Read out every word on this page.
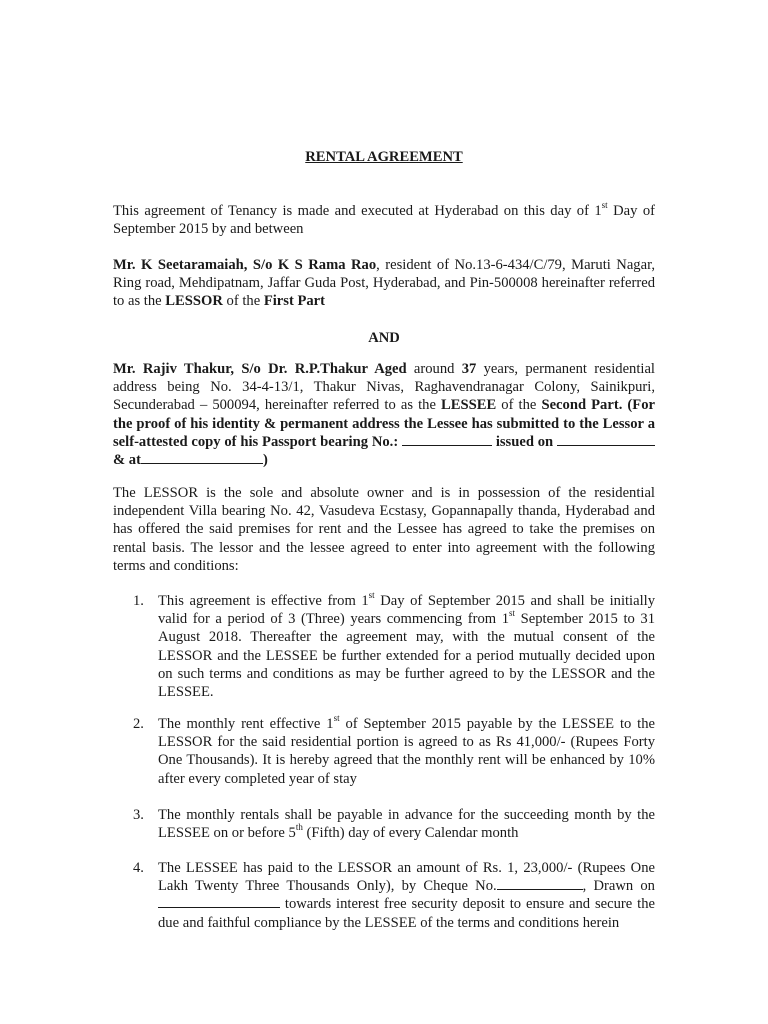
RENTAL AGREEMENT

This agreement of Tenancy is made and executed at Hyderabad on this day of 1st Day of September 2015 by and between

Mr. K Seetaramaiah, S/o K S Rama Rao, resident of No.13-6-434/C/79, Maruti Nagar, Ring road, Mehdipatnam, Jaffar Guda Post, Hyderabad, and Pin-500008 hereinafter referred to as the LESSOR of the First Part

AND

Mr. Rajiv Thakur, S/o Dr. R.P.Thakur Aged around 37 years, permanent residential address being No. 34-4-13/1, Thakur Nivas, Raghavendranagar Colony, Sainikpuri, Secunderabad – 500094, hereinafter referred to as the LESSEE of the Second Part. (For the proof of his identity & permanent address the Lessee has submitted to the Lessor a self-attested copy of his Passport bearing No.:	issued on  & at	)

The LESSOR is the sole and absolute owner and is in possession of the residential independent Villa bearing No. 42, Vasudeva Ecstasy, Gopannapally thanda, Hyderabad and has offered the said premises for rent and the Lessee has agreed to take the premises on rental basis. The lessor and the lessee agreed to enter into agreement with the following terms and conditions:

1. This agreement is effective from 1st Day of September 2015 and shall be initially valid for a period of 3 (Three) years commencing from 1st September 2015 to 31 August 2018. Thereafter the agreement may, with the mutual consent of the LESSOR and the LESSEE be further extended for a period mutually decided upon on such terms and conditions as may be further agreed to by the LESSOR and the LESSEE.
2. The monthly rent effective 1st of September 2015 payable by the LESSEE to the LESSOR for the said residential portion is agreed to as Rs 41,000/- (Rupees Forty One Thousands). It is hereby agreed that the monthly rent will be enhanced by 10% after every completed year of stay
3. The monthly rentals shall be payable in advance for the succeeding month by the LESSEE on or before 5th (Fifth) day of every Calendar month
4. The LESSEE has paid to the LESSOR an amount of Rs. 1, 23,000/- (Rupees One Lakh Twenty Three Thousands Only), by Cheque No.	, Drawn on  towards interest free security deposit to ensure and secure the due and faithful compliance by the LESSEE of the terms and conditions herein
